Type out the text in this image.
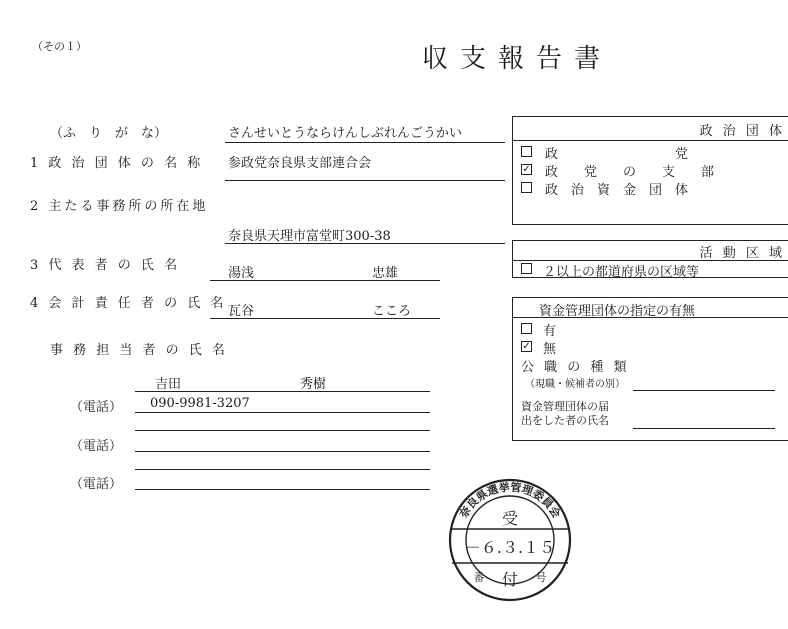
（その１）	収支報告書
（ふ　り　が　な）	さんせいとうならけんしぶれんごうかい
1 政 治 団 体 の 名 称 参政党奈良県支部連合会
2 主たる事務所の所在地
奈良県天理市富堂町300-38
3 代 表 者 の 氏 名
湯浅	忠雄
4 会 計 責 任 者 の 氏 名
瓦谷	こころ
事 務 担 当 者 の 氏 名
吉田	秀樹
（電話） 090-9981-3207
（電話）
（電話）
政 治 団 体
政　　　　　　　　　党
✓ 政　　党　　の　　支　　部
政　治　資　金　団　体
活 動 区 域
２以上の都道府県の区域等
資金管理団体の指定の有無
有
✓ 無
公 職 の 種 類
（現職・候補者の別）
資金管理団体の届
出をした者の氏名
奈良県選挙管理委員会
受
－６.３.１５
番 付 号
